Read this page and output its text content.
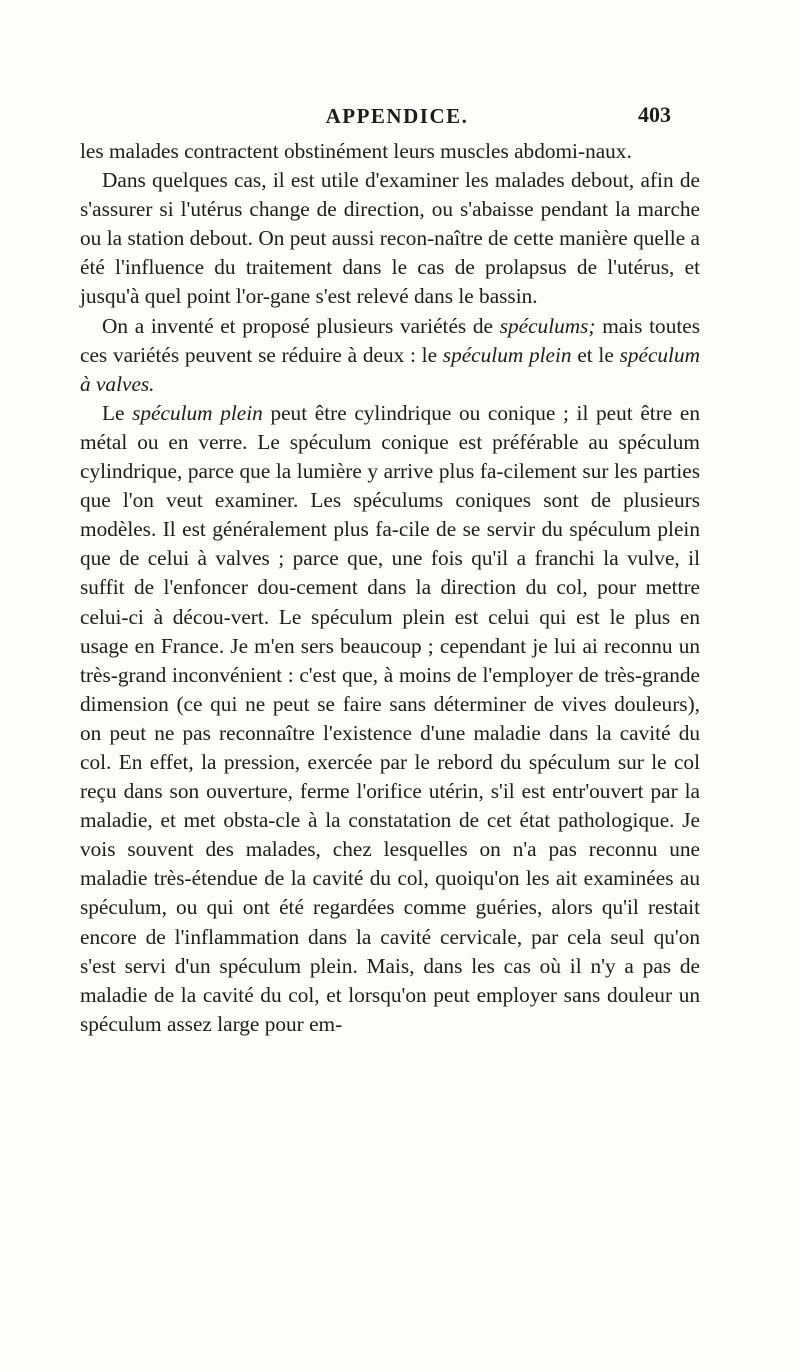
APPENDICE.	403

les malades contractent obstinément leurs muscles abdomi-naux.

Dans quelques cas, il est utile d'examiner les malades debout, afin de s'assurer si l'utérus change de direction, ou s'abaisse pendant la marche ou la station debout. On peut aussi recon-naître de cette manière quelle a été l'influence du traitement dans le cas de prolapsus de l'utérus, et jusqu'à quel point l'or-gane s'est relevé dans le bassin.

On a inventé et proposé plusieurs variétés de spéculums; mais toutes ces variétés peuvent se réduire à deux : le spéculum plein et le spéculum à valves.

Le spéculum plein peut être cylindrique ou conique ; il peut être en métal ou en verre. Le spéculum conique est préférable au spéculum cylindrique, parce que la lumière y arrive plus fa-cilement sur les parties que l'on veut examiner. Les spéculums coniques sont de plusieurs modèles. Il est généralement plus fa-cile de se servir du spéculum plein que de celui à valves ; parce que, une fois qu'il a franchi la vulve, il suffit de l'enfoncer dou-cement dans la direction du col, pour mettre celui-ci à décou-vert. Le spéculum plein est celui qui est le plus en usage en France. Je m'en sers beaucoup ; cependant je lui ai reconnu un très-grand inconvénient : c'est que, à moins de l'employer de très-grande dimension (ce qui ne peut se faire sans déterminer de vives douleurs), on peut ne pas reconnaître l'existence d'une maladie dans la cavité du col. En effet, la pression, exercée par le rebord du spéculum sur le col reçu dans son ouverture, ferme l'orifice utérin, s'il est entr'ouvert par la maladie, et met obsta-cle à la constatation de cet état pathologique. Je vois souvent des malades, chez lesquelles on n'a pas reconnu une maladie très-étendue de la cavité du col, quoiqu'on les ait examinées au spéculum, ou qui ont été regardées comme guéries, alors qu'il restait encore de l'inflammation dans la cavité cervicale, par cela seul qu'on s'est servi d'un spéculum plein. Mais, dans les cas où il n'y a pas de maladie de la cavité du col, et lorsqu'on peut employer sans douleur un spéculum assez large pour em-
